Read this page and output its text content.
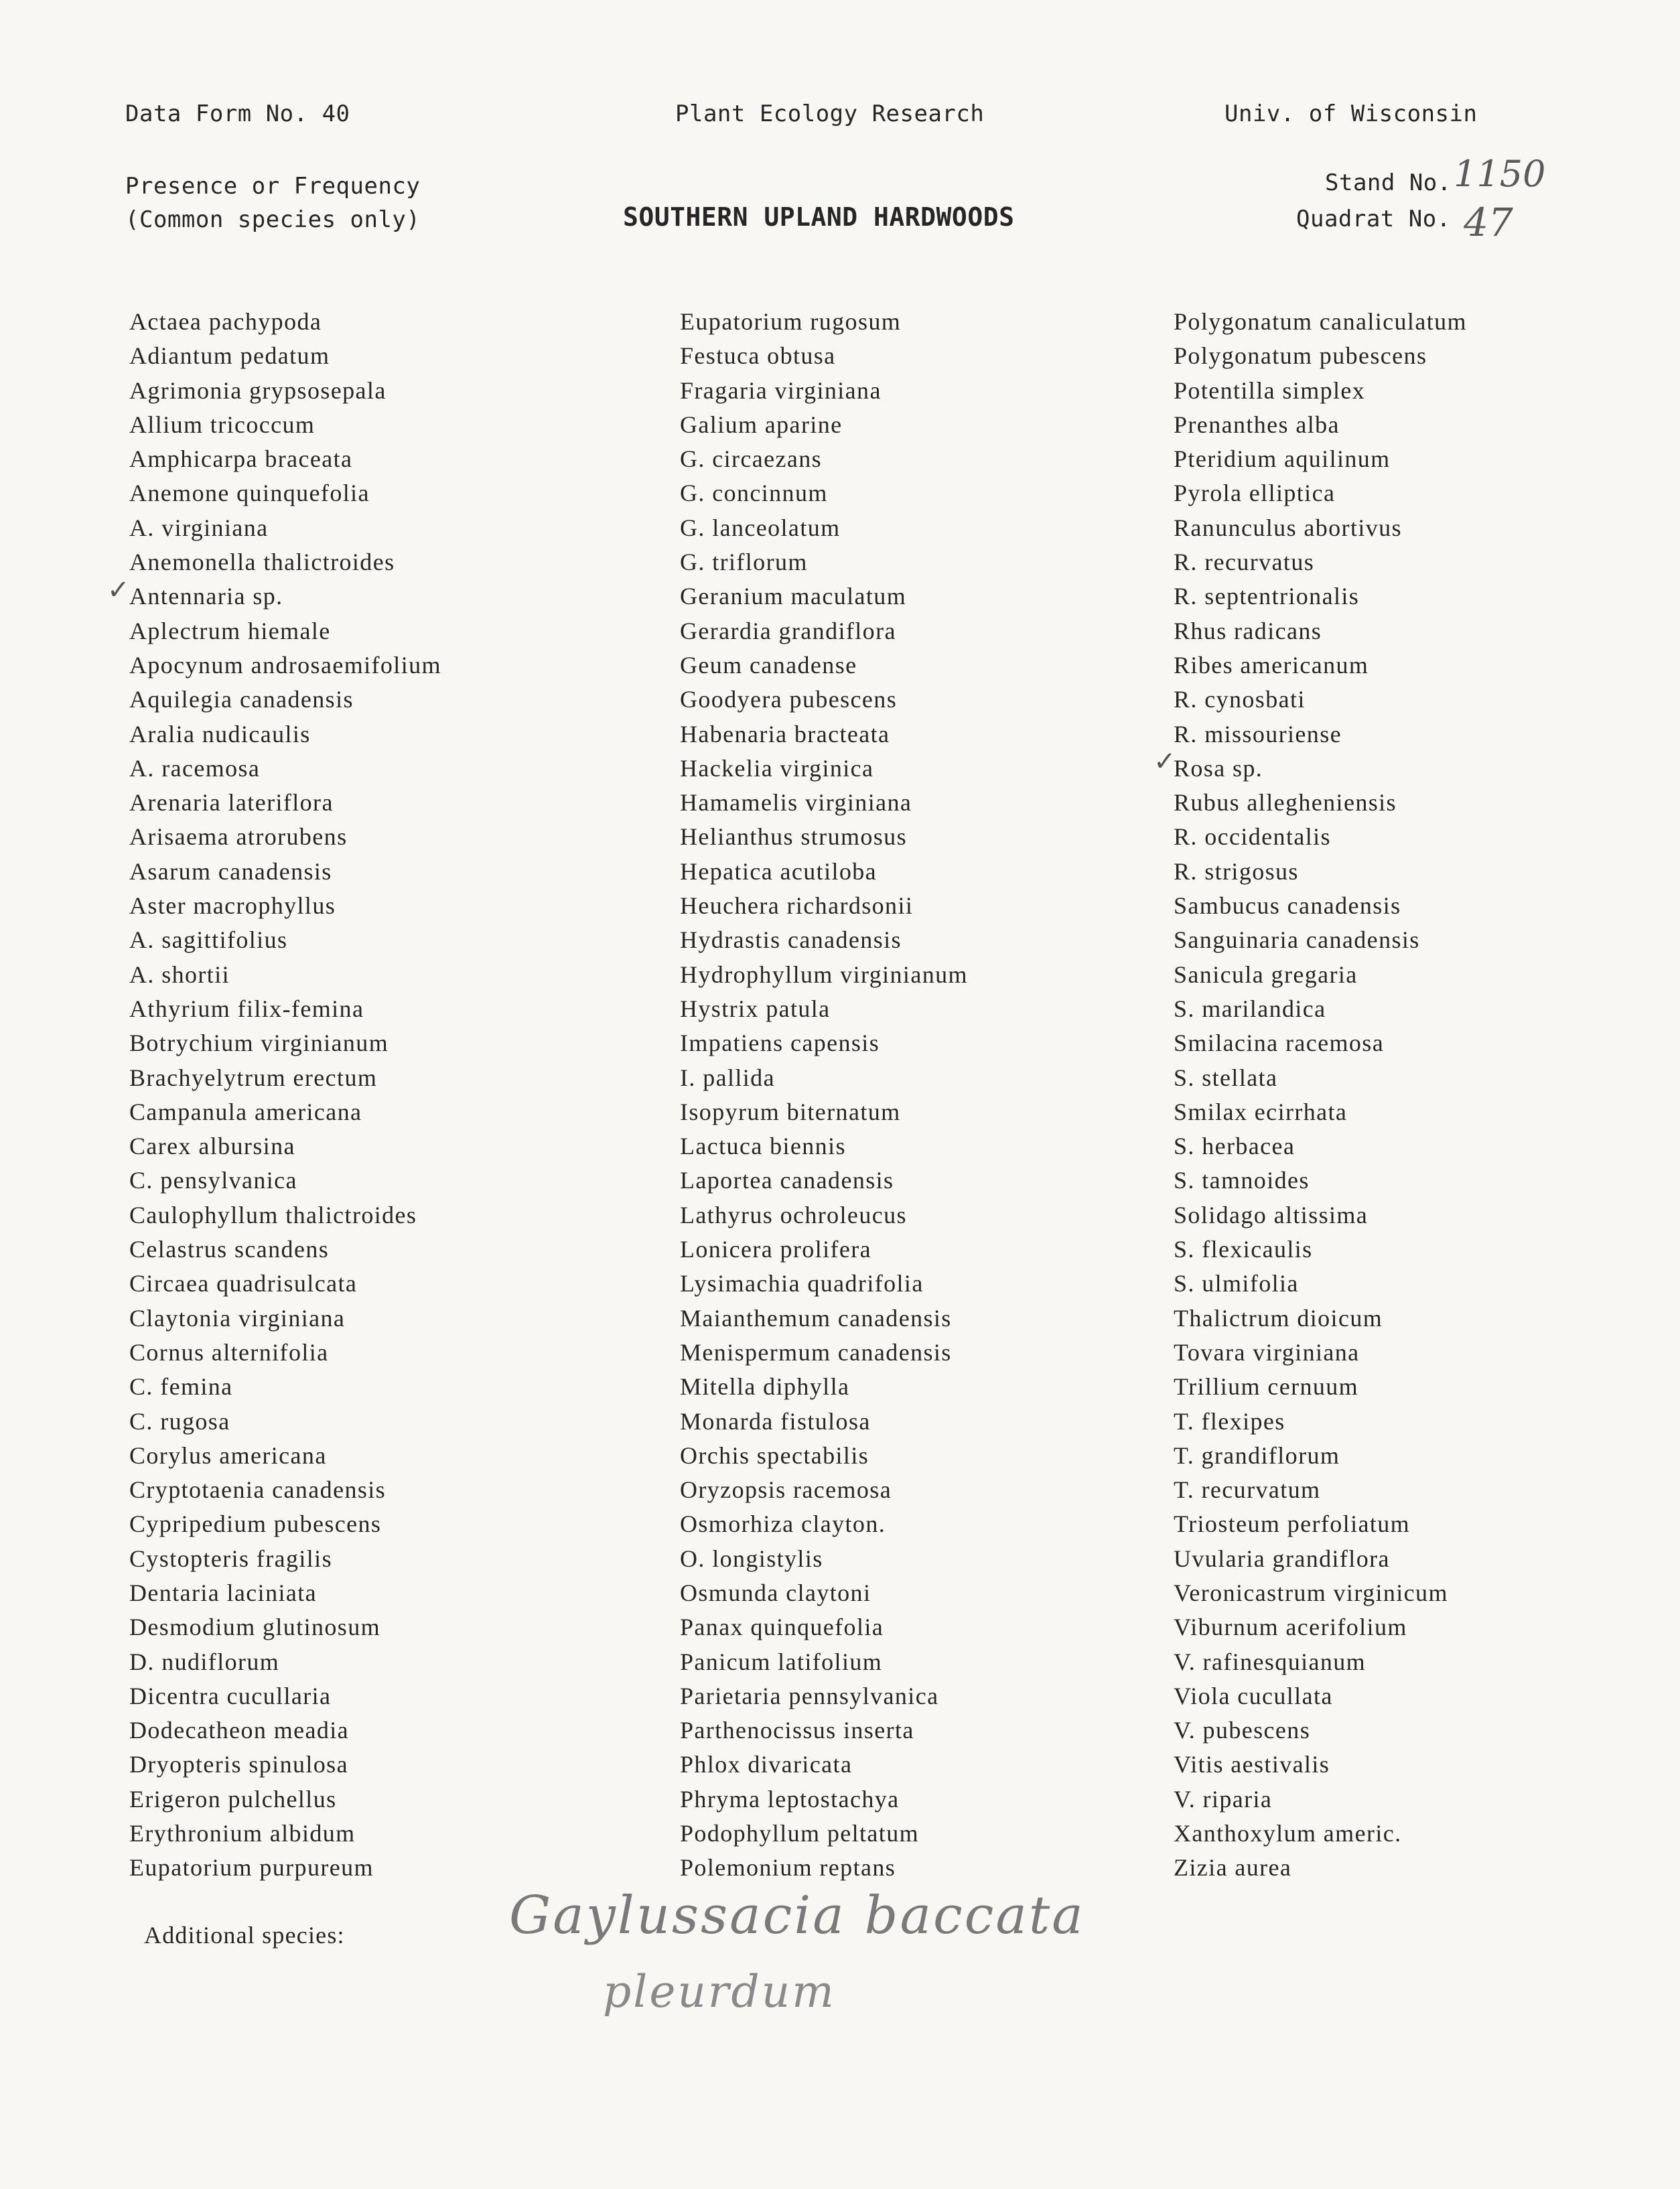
Data Form No. 40	Plant Ecology Research	Univ. of Wisconsin
Presence or Frequency
(Common species only)	SOUTHERN UPLAND HARDWOODS
Stand No. 1150
Quadrat No. 47
Actaea pachypoda
Adiantum pedatum
Agrimonia grypsosepala
Allium tricoccum
Amphicarpa braceata
Anemone quinquefolia
A. virginiana
Anemonella thalictroides
Antennaria sp.
Aplectrum hiemale
Apocynum androsaemifolium
Aquilegia canadensis
Aralia nudicaulis
A. racemosa
Arenaria lateriflora
Arisaema atrorubens
Asarum canadensis
Aster macrophyllus
A. sagittifolius
A. shortii
Athyrium filix-femina
Botrychium virginianum
Brachyelytrum erectum
Campanula americana
Carex albursina
C. pensylvanica
Caulophyllum thalictroides
Celastrus scandens
Circaea quadrisulcata
Claytonia virginiana
Cornus alternifolia
C. femina
C. rugosa
Corylus americana
Cryptotaenia canadensis
Cypripedium pubescens
Cystopteris fragilis
Dentaria laciniata
Desmodium glutinosum
D. nudiflorum
Dicentra cucullaria
Dodecatheon meadia
Dryopteris spinulosa
Erigeron pulchellus
Erythronium albidum
Eupatorium purpureum
Eupatorium rugosum
Festuca obtusa
Fragaria virginiana
Galium aparine
G. circaezans
G. concinnum
G. lanceolatum
G. triflorum
Geranium maculatum
Gerardia grandiflora
Geum canadense
Goodyera pubescens
Habenaria bracteata
Hackelia virginica
Hamamelis virginiana
Helianthus strumosus
Hepatica acutiloba
Heuchera richardsonii
Hydrastis canadensis
Hydrophyllum virginianum
Hystrix patula
Impatiens capensis
I. pallida
Isopyrum biternatum
Lactuca biennis
Laportea canadensis
Lathyrus ochroleucus
Lonicera prolifera
Lysimachia quadrifolia
Maianthemum canadensis
Menispermum canadensis
Mitella diphylla
Monarda fistulosa
Orchis spectabilis
Oryzopsis racemosa
Osmorhiza clayton.
O. longistylis
Osmunda claytoni
Panax quinquefolia
Panicum latifolium
Parietaria pennsylvanica
Parthenocissus inserta
Phlox divaricata
Phryma leptostachya
Podophyllum peltatum
Polemonium reptans
Polygonatum canaliculatum
Polygonatum pubescens
Potentilla simplex
Prenanthes alba
Pteridium aquilinum
Pyrola elliptica
Ranunculus abortivus
R. recurvatus
R. septentrionalis
Rhus radicans
Ribes americanum
R. cynosbati
R. missouriense
Rosa sp.
Rubus allegheniensis
R. occidentalis
R. strigosus
Sambucus canadensis
Sanguinaria canadensis
Sanicula gregaria
S. marilandica
Smilacina racemosa
S. stellata
Smilax ecirrhata
S. herbacea
S. tamnoides
Solidago altissima
S. flexicaulis
S. ulmifolia
Thalictrum dioicum
Tovara virginiana
Trillium cernuum
T. flexipes
T. grandiflorum
T. recurvatum
Triosteum perfoliatum
Uvularia grandiflora
Veronicastrum virginicum
Viburnum acerifolium
V. rafinesquianum
Viola cucullata
V. pubescens
Vitis aestivalis
V. riparia
Xanthoxylum americ.
Zizia aurea
✓
✓
Additional species:	Gaylussacia baccata
pleurdum
